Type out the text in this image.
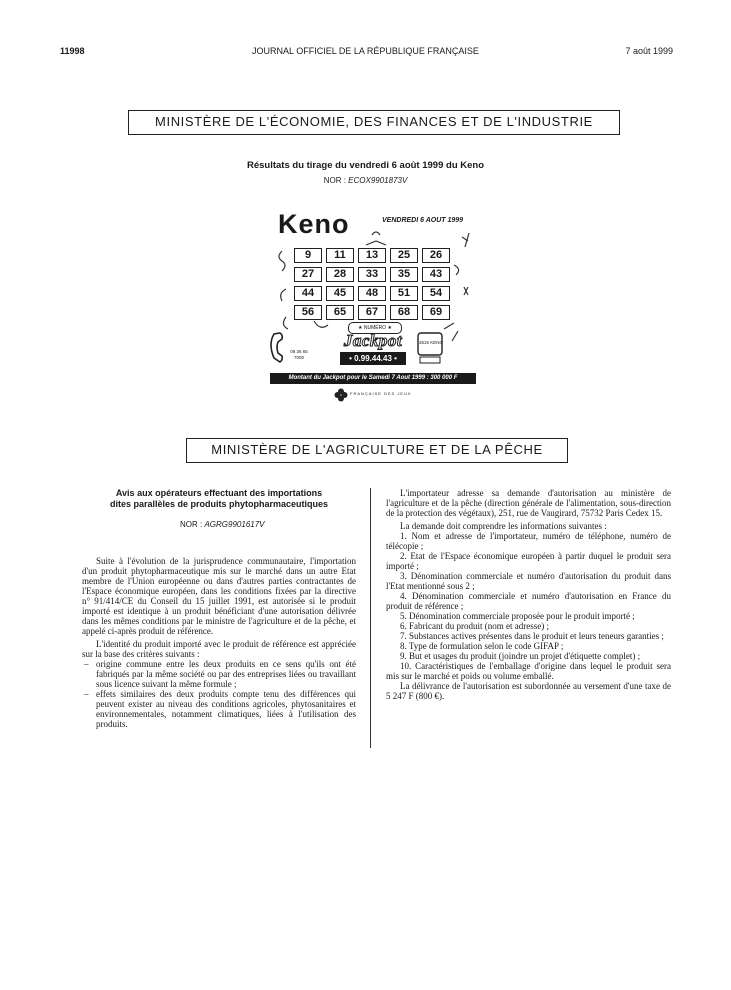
11998	JOURNAL OFFICIEL DE LA RÉPUBLIQUE FRANÇAISE	7 août 1999
MINISTÈRE DE L'ÉCONOMIE, DES FINANCES ET DE L'INDUSTRIE
Résultats du tirage du vendredi 6 août 1999 du Keno
NOR : ECOX9901873V
Keno	VENDREDI 6 AOUT 1999
9	11	13	25	26
27	28	33	35	43
44	45	48	51	54
56	65	67	68	69
★ NUMÉRO ★
Jackpot
• 0.99.44.43 •
08 36 65 7000
3615 KENO
Montant du Jackpot pour le Samedi 7 Aout 1999 : 300 000 F
FRANÇAISE DES JEUX
MINISTÈRE DE L'AGRICULTURE ET DE LA PÊCHE
Avis aux opérateurs effectuant des importations
dites parallèles de produits phytopharmaceutiques
NOR : AGRG9901617V

Suite à l'évolution de la jurisprudence communautaire, l'importation d'un produit phytopharmaceutique mis sur le marché dans un autre Etat membre de l'Union européenne ou dans d'autres parties contractantes de l'Espace économique européen, dans les conditions fixées par la directive n° 91/414/CE du Conseil du 15 juillet 1991, est autorisée si le produit importé est identique à un produit bénéficiant d'une autorisation délivrée dans les mêmes conditions par le ministre de l'agriculture et de la pêche, et appelé ci-après produit de référence.

L'identité du produit importé avec le produit de référence est appréciée sur la base des critères suivants :

– origine commune entre les deux produits en ce sens qu'ils ont été fabriqués par la même société ou par des entreprises liées ou travaillant sous licence suivant la même formule ;

– effets similaires des deux produits compte tenu des différences qui peuvent exister au niveau des conditions agricoles, phytosanitaires et environnementales, notamment climatiques, liées à l'utilisation des produits.

L'importateur adresse sa demande d'autorisation au ministère de l'agriculture et de la pêche (direction générale de l'alimentation, sous-direction de la protection des végétaux), 251, rue de Vaugirard, 75732 Paris Cedex 15.

La demande doit comprendre les informations suivantes :

1. Nom et adresse de l'importateur, numéro de téléphone, numéro de télécopie ;

2. Etat de l'Espace économique européen à partir duquel le produit sera importé ;

3. Dénomination commerciale et numéro d'autorisation du produit dans l'Etat mentionné sous 2 ;

4. Dénomination commerciale et numéro d'autorisation en France du produit de référence ;

5. Dénomination commerciale proposée pour le produit importé ;

6. Fabricant du produit (nom et adresse) ;

7. Substances actives présentes dans le produit et leurs teneurs garanties ;

8. Type de formulation selon le code GIFAP ;

9. But et usages du produit (joindre un projet d'étiquette complet) ;

10. Caractéristiques de l'emballage d'origine dans lequel le produit sera mis sur le marché et poids ou volume emballé.

La délivrance de l'autorisation est subordonnée au versement d'une taxe de 5 247 F (800 €).
